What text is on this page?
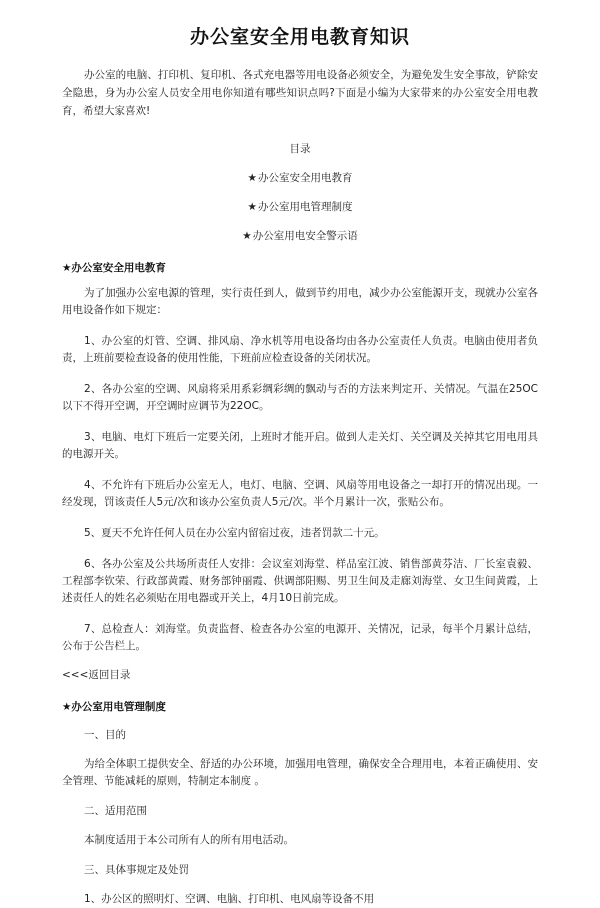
办公室安全用电教育知识

办公室的电脑、打印机、复印机、各式充电器等用电设备必须安全，为避免发生安全事故，铲除安全隐患，身为办公室人员安全用电你知道有哪些知识点吗?下面是小编为大家带来的办公室安全用电教育，希望大家喜欢!

目录
★办公室安全用电教育
★办公室用电管理制度
★办公室用电安全警示语
★办公室安全用电教育

为了加强办公室电源的管理，实行责任到人，做到节约用电，减少办公室能源开支，现就办公室各用电设备作如下规定：

1、办公室的灯管、空调、排风扇、净水机等用电设备均由各办公室责任人负责。电脑由使用者负责，上班前要检查设备的使用性能，下班前应检查设备的关闭状况。

2、各办公室的空调、风扇将采用系彩绸彩绸的飘动与否的方法来判定开、关情况。气温在25OC以下不得开空调，开空调时应调节为22OC。

3、电脑、电灯下班后一定要关闭，上班时才能开启。做到人走关灯、关空调及关掉其它用电用具的电源开关。

4、不允许有下班后办公室无人，电灯、电脑、空调、风扇等用电设备之一却打开的情况出现。一经发现，罚该责任人5元/次和该办公室负责人5元/次。半个月累计一次，张贴公布。

5、夏天不允许任何人员在办公室内留宿过夜，违者罚款二十元。

6、各办公室及公共场所责任人安排：会议室刘海堂、样品室江波、销售部黄芬洁、厂长室袁毅、工程部李钦荣、行政部黄霞、财务部钟丽霞、供调部阳赐、男卫生间及走廊刘海堂、女卫生间黄霞，上述责任人的姓名必须贴在用电器或开关上，4月10日前完成。

7、总检查人：刘海堂。负责监督、检查各办公室的电源开、关情况，记录，每半个月累计总结，公布于公告栏上。

<<<返回目录
★办公室用电管理制度

一、目的

为给全体职工提供安全、舒适的办公环境，加强用电管理，确保安全合理用电，本着正确使用、安全管理、节能减耗的原则，特制定本制度 。

二、适用范围

本制度适用于本公司所有人的所有用电活动。

三、具体事规定及处罚

1、办公区的照明灯、空调、电脑、打印机、电风扇等设备不用
